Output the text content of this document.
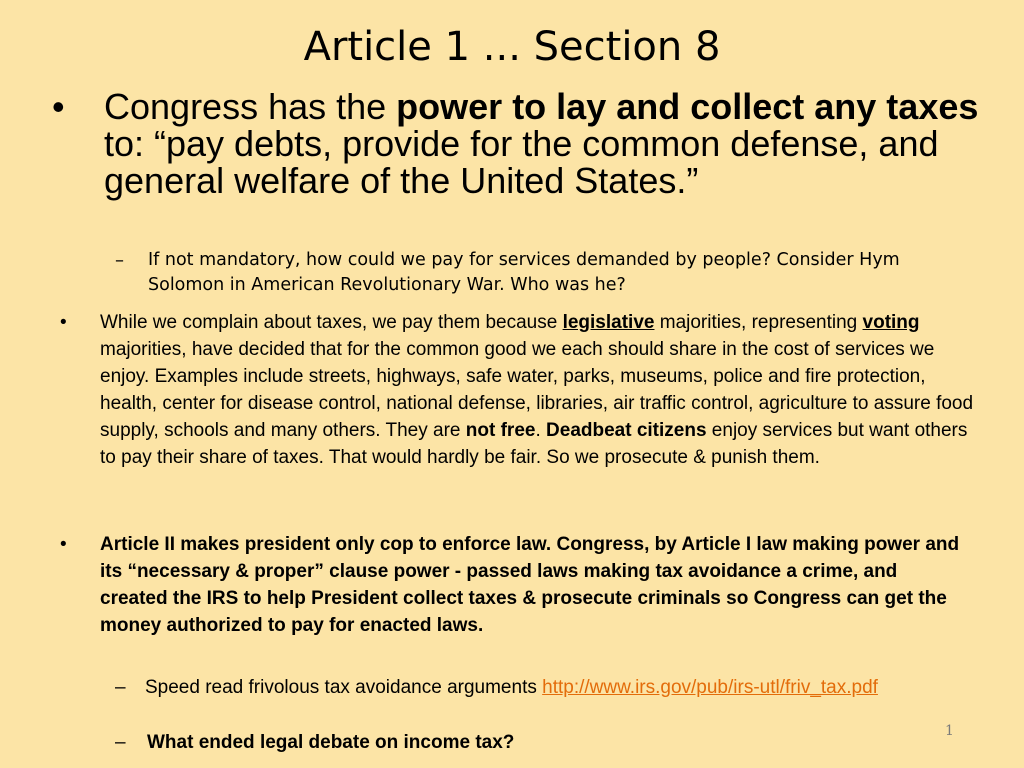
Article 1 ... Section 8
• Congress has the power to lay and collect any taxes to: “pay debts, provide for the common defense, and general welfare of the United States.”
– If not mandatory, how could we pay for services demanded by people? Consider Hym Solomon in American Revolutionary War. Who was he?
• While we complain about taxes, we pay them because legislative majorities, representing voting majorities, have decided that for the common good we each should share in the cost of services we enjoy. Examples include streets, highways, safe water, parks, museums, police and fire protection, health, center for disease control, national defense, libraries, air traffic control, agriculture to assure food supply, schools and many others. They are not free. Deadbeat citizens enjoy services but want others to pay their share of taxes. That would hardly be fair. So we prosecute & punish them.
• Article II makes president only cop to enforce law. Congress, by Article I law making power and its “necessary & proper” clause power - passed laws making tax avoidance a crime, and created the IRS to help President collect taxes & prosecute criminals so Congress can get the money authorized to pay for enacted laws.
– Speed read frivolous tax avoidance arguments http://www.irs.gov/pub/irs-utl/friv_tax.pdf
– What ended legal debate on income tax?
1
